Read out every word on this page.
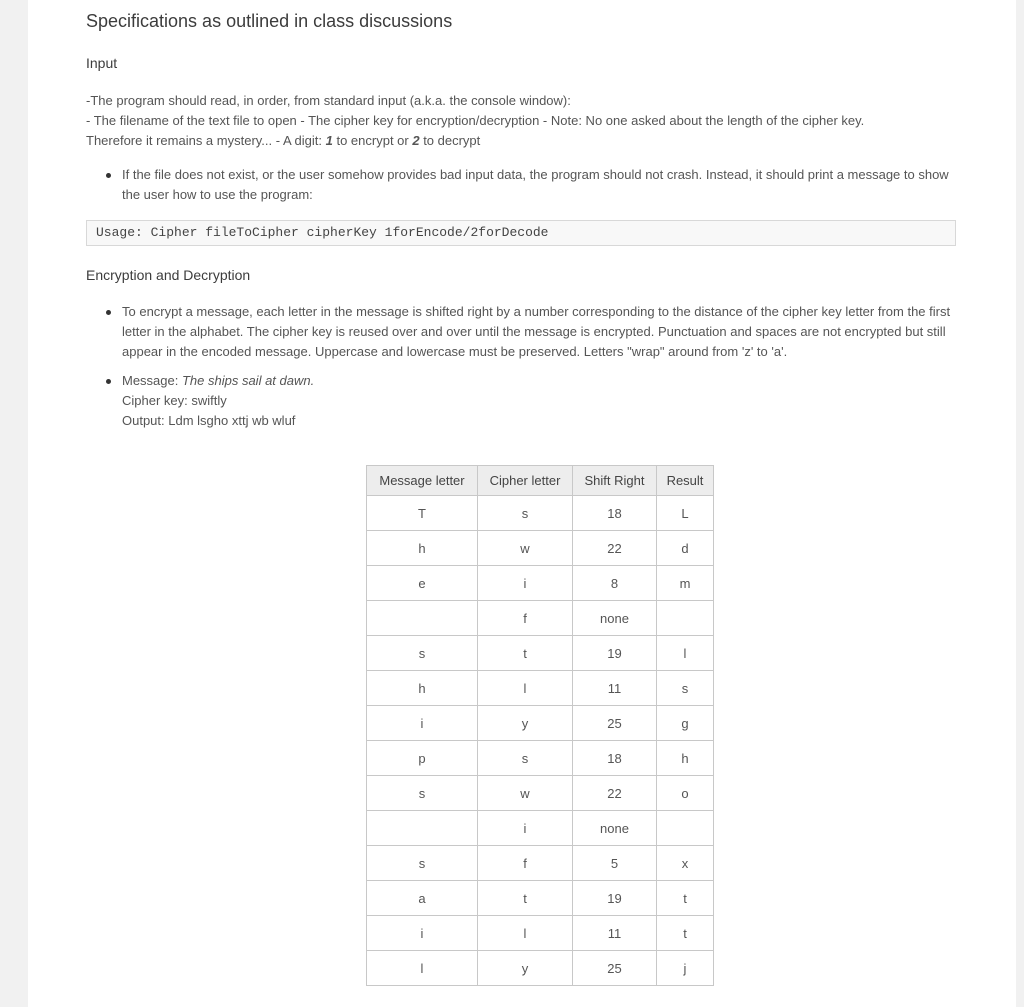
Specifications as outlined in class discussions
Input

-The program should read, in order, from standard input (a.k.a. the console window):
- The filename of the text file to open - The cipher key for encryption/decryption - Note: No one asked about the length of the cipher key.
Therefore it remains a mystery... - A digit: 1 to encrypt or 2 to decrypt

If the file does not exist, or the user somehow provides bad input data, the program should not crash. Instead, it should print a message to show the user how to use the program:
Usage: Cipher fileToCipher cipherKey 1forEncode/2forDecode
Encryption and Decryption
To encrypt a message, each letter in the message is shifted right by a number corresponding to the distance of the cipher key letter from the first letter in the alphabet. The cipher key is reused over and over until the message is encrypted. Punctuation and spaces are not encrypted but still appear in the encoded message. Uppercase and lowercase must be preserved. Letters "wrap" around from 'z' to 'a'.
Message: The ships sail at dawn.
Cipher key: swiftly
Output: Ldm lsgho xttj wb wluf
Message letter	Cipher letter	Shift Right	Result
T	s	18	L
h	w	22	d
e	i	8	m
	f	none	
s	t	19	l
h	l	11	s
i	y	25	g
p	s	18	h
s	w	22	o
	i	none	
s	f	5	x
a	t	19	t
i	l	11	t
l	y	25	j
